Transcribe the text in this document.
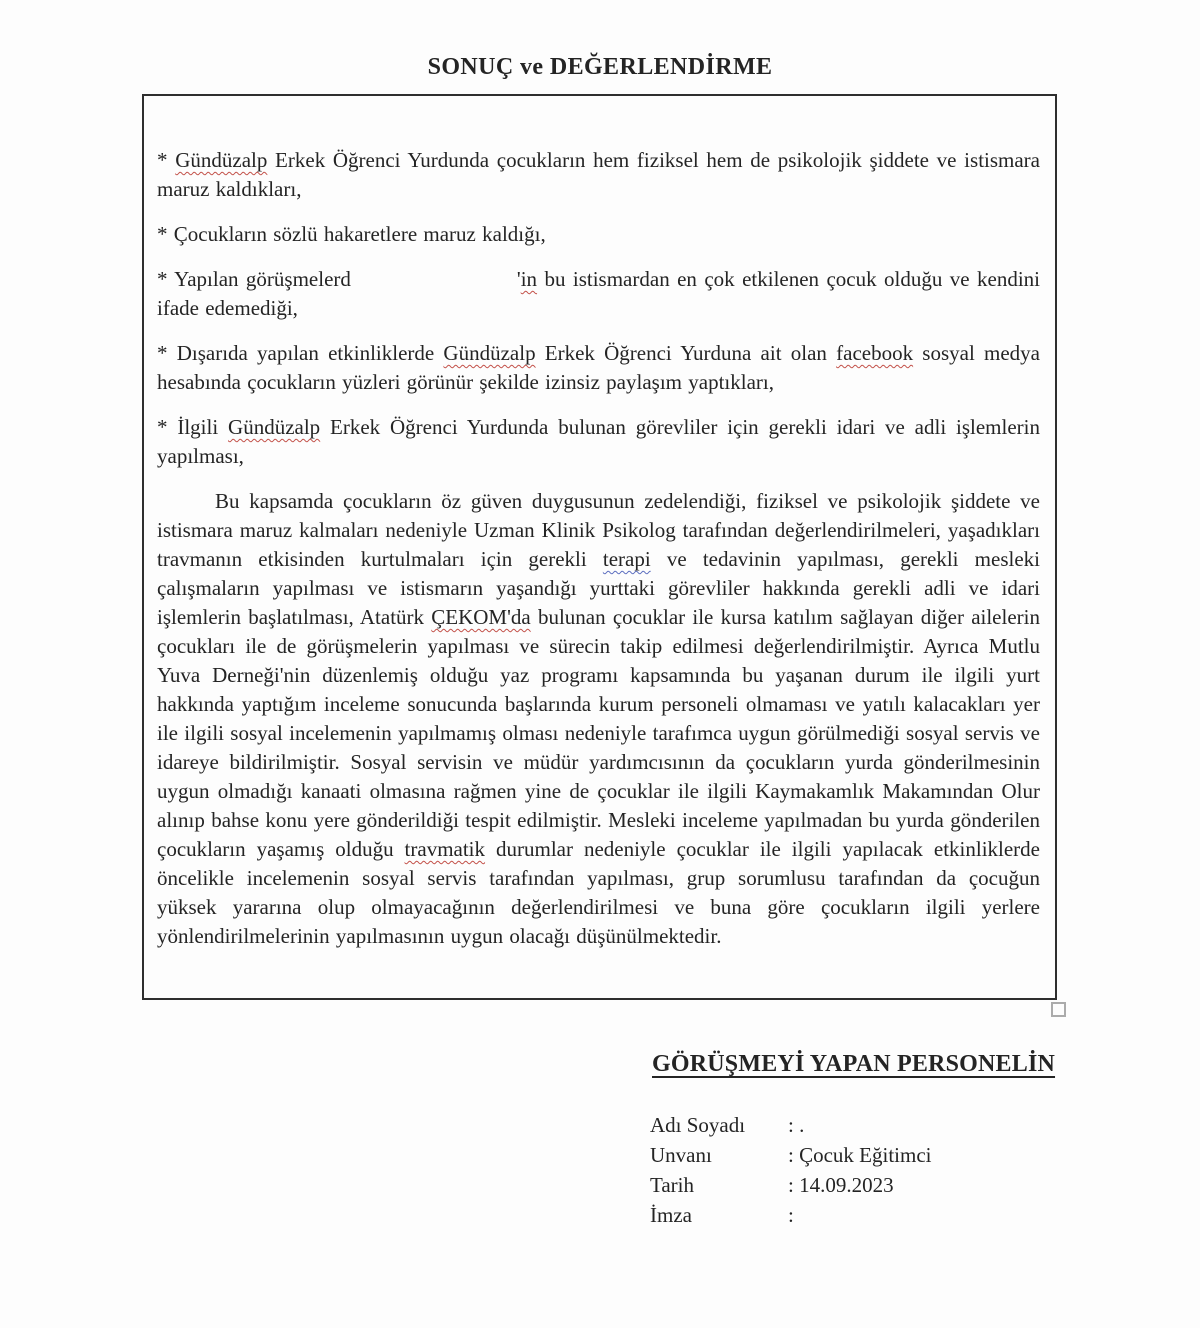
SONUÇ ve DEĞERLENDİRME

* Gündüzalp Erkek Öğrenci Yurdunda çocukların hem fiziksel hem de psikolojik şiddete ve istismara maruz kaldıkları,

* Çocukların sözlü hakaretlere maruz kaldığı,

* Yapılan görüşmelerd	'in bu istismardan en çok etkilenen çocuk olduğu ve kendini ifade edemediği,

* Dışarıda yapılan etkinliklerde Gündüzalp Erkek Öğrenci Yurduna ait olan facebook sosyal medya hesabında çocukların yüzleri görünür şekilde izinsiz paylaşım yaptıkları,

* İlgili Gündüzalp Erkek Öğrenci Yurdunda bulunan görevliler için gerekli idari ve adli işlemlerin yapılması,

Bu kapsamda çocukların öz güven duygusunun zedelendiği, fiziksel ve psikolojik şiddete ve istismara maruz kalmaları nedeniyle Uzman Klinik Psikolog tarafından değerlendirilmeleri, yaşadıkları travmanın etkisinden kurtulmaları için gerekli terapi ve tedavinin yapılması, gerekli mesleki çalışmaların yapılması ve istismarın yaşandığı yurttaki görevliler hakkında gerekli adli ve idari işlemlerin başlatılması, Atatürk ÇEKOM'da bulunan çocuklar ile kursa katılım sağlayan diğer ailelerin çocukları ile de görüşmelerin yapılması ve sürecin takip edilmesi değerlendirilmiştir. Ayrıca Mutlu Yuva Derneği'nin düzenlemiş olduğu yaz programı kapsamında bu yaşanan durum ile ilgili yurt hakkında yaptığım inceleme sonucunda başlarında kurum personeli olmaması ve yatılı kalacakları yer ile ilgili sosyal incelemenin yapılmamış olması nedeniyle tarafımca uygun görülmediği sosyal servis ve idareye bildirilmiştir. Sosyal servisin ve müdür yardımcısının da çocukların yurda gönderilmesinin uygun olmadığı kanaati olmasına rağmen yine de çocuklar ile ilgili Kaymakamlık Makamından Olur alınıp bahse konu yere gönderildiği tespit edilmiştir. Mesleki inceleme yapılmadan bu yurda gönderilen çocukların yaşamış olduğu travmatik durumlar nedeniyle çocuklar ile ilgili yapılacak etkinliklerde öncelikle incelemenin sosyal servis tarafından yapılması, grup sorumlusu tarafından da çocuğun yüksek yararına olup olmayacağının değerlendirilmesi ve buna göre çocukların ilgili yerlere yönlendirilmelerinin yapılmasının uygun olacağı düşünülmektedir.

GÖRÜŞMEYİ YAPAN PERSONELİN
Adı Soyadı	: .
Unvanı	: Çocuk Eğitimci
Tarih	: 14.09.2023
İmza	:
